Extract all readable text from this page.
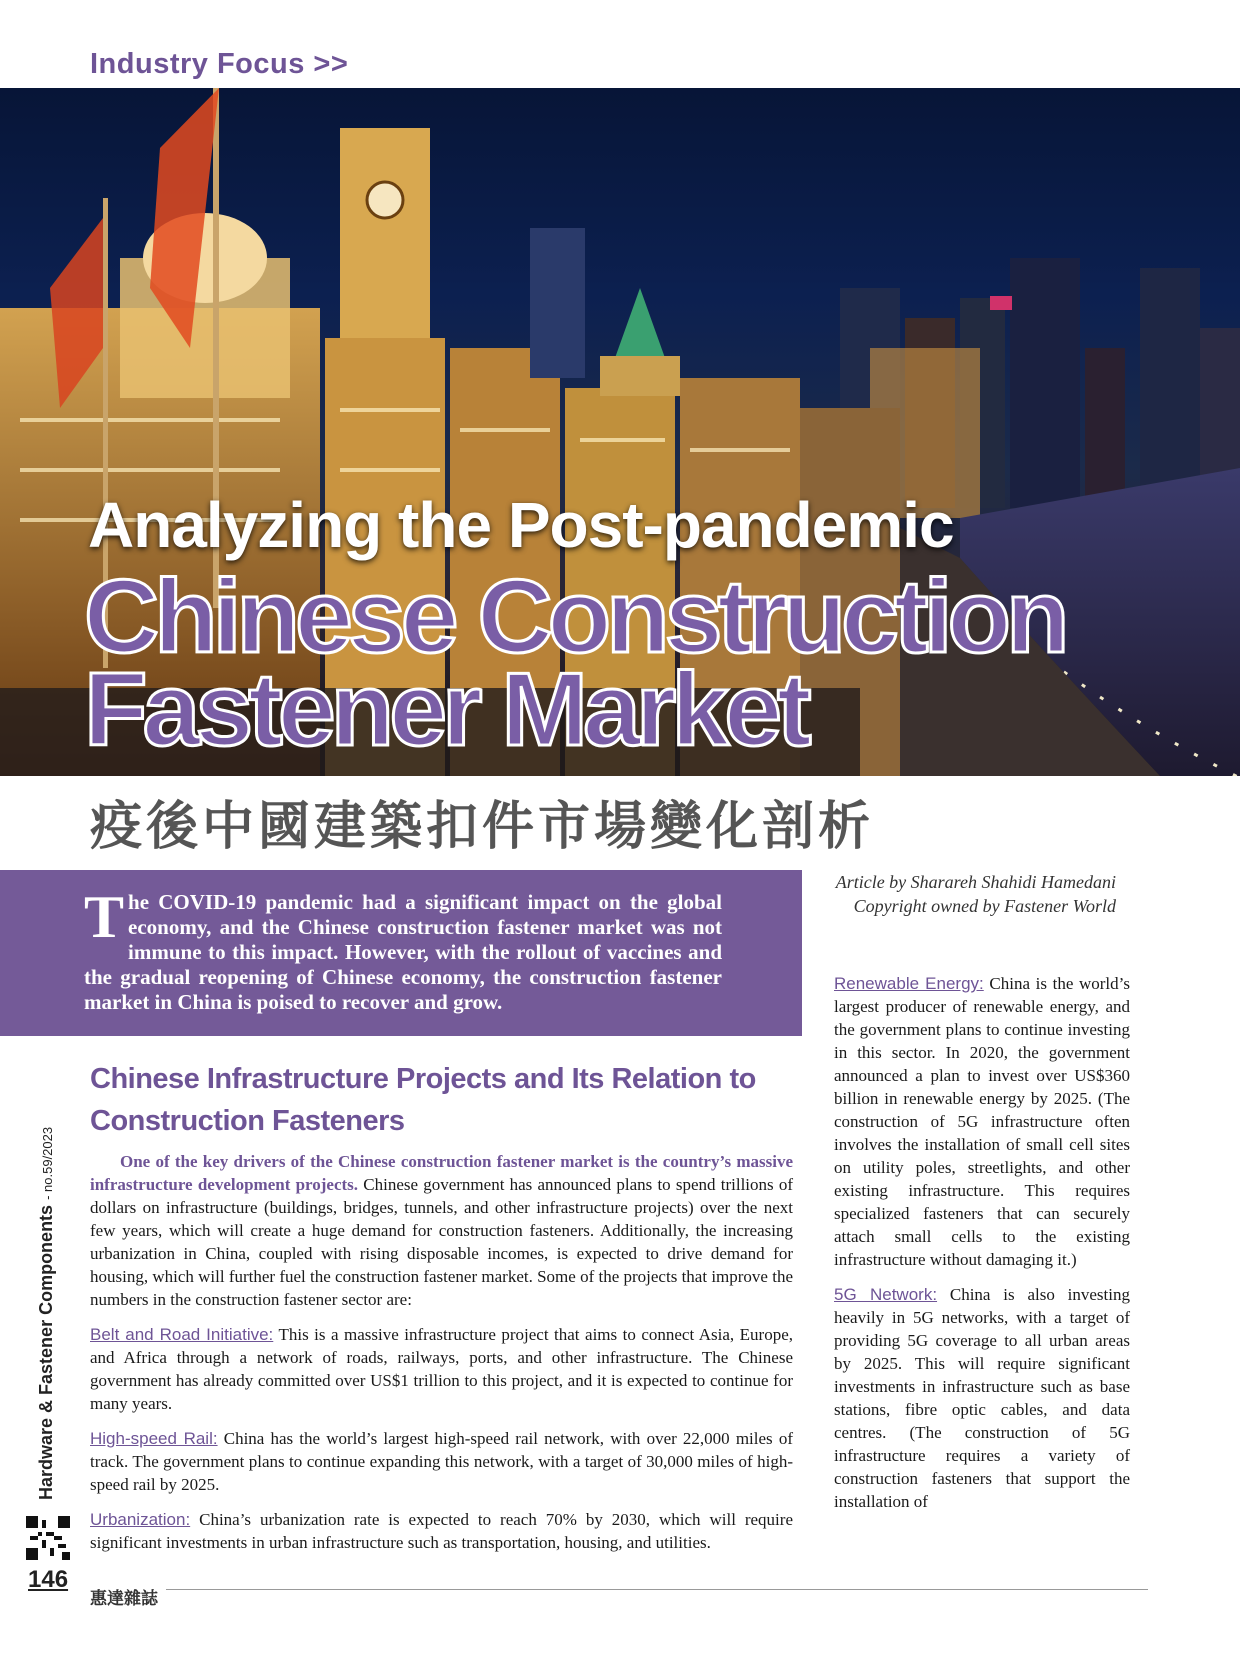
Industry Focus >>
Analyzing the Post-pandemic
Chinese Construction
Fastener Market
疫後中國建築扣件市場變化剖析

The COVID-19 pandemic had a significant impact on the global economy, and the Chinese construction fastener market was not immune to this impact. However, with the rollout of vaccines and the gradual reopening of Chinese economy, the construction fastener market in China is poised to recover and grow.

Article by Sharareh Shahidi Hamedani
Copyright owned by Fastener World
Chinese Infrastructure Projects and Its Relation to Construction Fasteners

One of the key drivers of the Chinese construction fastener market is the country’s massive infrastructure development projects. Chinese government has announced plans to spend trillions of dollars on infrastructure (buildings, bridges, tunnels, and other infrastructure projects) over the next few years, which will create a huge demand for construction fasteners. Additionally, the increasing urbanization in China, coupled with rising disposable incomes, is expected to drive demand for housing, which will further fuel the construction fastener market. Some of the projects that improve the numbers in the construction fastener sector are:

Belt and Road Initiative: This is a massive infrastructure project that aims to connect Asia, Europe, and Africa through a network of roads, railways, ports, and other infrastructure. The Chinese government has already committed over US$1 trillion to this project, and it is expected to continue for many years.

High-speed Rail: China has the world’s largest high-speed rail network, with over 22,000 miles of track. The government plans to continue expanding this network, with a target of 30,000 miles of high-speed rail by 2025.

Urbanization: China’s urbanization rate is expected to reach 70% by 2030, which will require significant investments in urban infrastructure such as transportation, housing, and utilities.

Renewable Energy: China is the world’s largest producer of renewable energy, and the government plans to continue investing in this sector. In 2020, the government announced a plan to invest over US$360 billion in renewable energy by 2025. (The construction of 5G infrastructure often involves the installation of small cell sites on utility poles, streetlights, and other existing infrastructure. This requires specialized fasteners that can securely attach small cells to the existing infrastructure without damaging it.)

5G Network: China is also investing heavily in 5G networks, with a target of providing 5G coverage to all urban areas by 2025. This will require significant investments in infrastructure such as base stations, fibre optic cables, and data centres. (The construction of 5G infrastructure requires a variety of construction fasteners that support the installation of

Hardware & Fastener Components - no.59/2023
146
惠達雜誌
